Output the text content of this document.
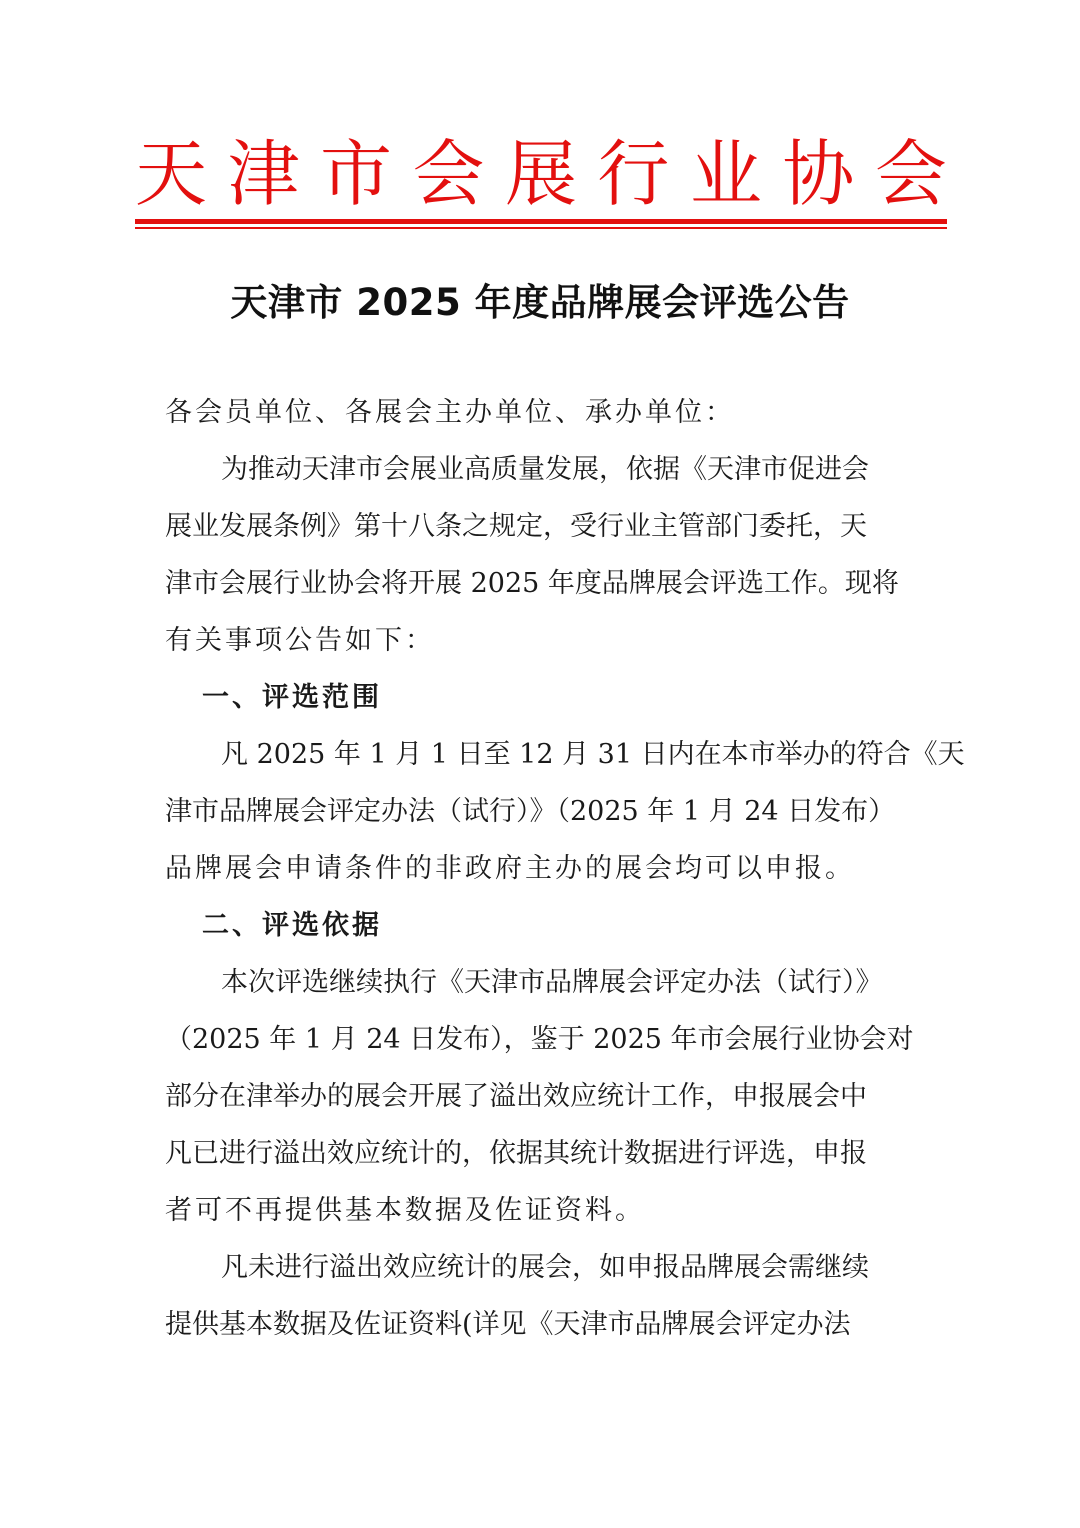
天 津 市 会 展 行 业 协 会
天津市 2025 年度品牌展会评选公告
各会员单位、各展会主办单位、承办单位：
为推动天津市会展业高质量发展，依据《天津市促进会
展业发展条例》第十八条之规定，受行业主管部门委托，天
津市会展行业协会将开展 2025 年度品牌展会评选工作。现将
有关事项公告如下：
一、评选范围
凡 2025 年 1 月 1 日至 12 月 31 日内在本市举办的符合《天
津市品牌展会评定办法（试行）》（2025 年 1 月 24 日发布）
品牌展会申请条件的非政府主办的展会均可以申报。
二、评选依据
本次评选继续执行《天津市品牌展会评定办法（试行）》
（2025 年 1 月 24 日发布），鉴于 2025 年市会展行业协会对
部分在津举办的展会开展了溢出效应统计工作，申报展会中
凡已进行溢出效应统计的，依据其统计数据进行评选，申报
者可不再提供基本数据及佐证资料。
凡未进行溢出效应统计的展会，如申报品牌展会需继续
提供基本数据及佐证资料(详见《天津市品牌展会评定办法
